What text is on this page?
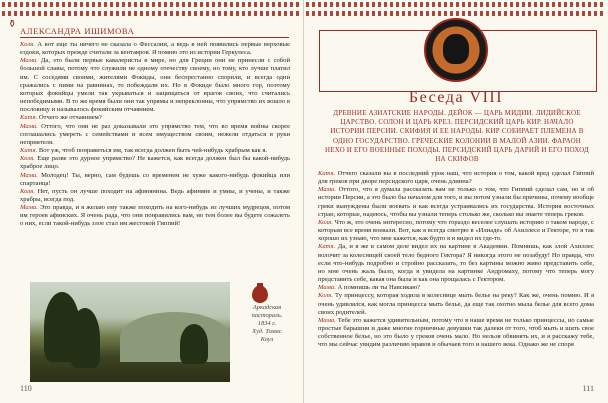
⚱
АЛЕКСАНДРА ИШИМОВА

Коля. А вот еще ты ничего не сказала о Фессалии, а ведь в ней появились первые верховые ездоки, которых прежде считали за кентавров. Я помню это из истории Геркулеса.

Мама. Да, это были первые кавалеристы в мире, но для Греции они не принесли с собой большой славы, потому что служили не одному отечеству своему, но тому, кто лучше платил им. С соседями своими, жителями Фокиды, они беспрестанно спорили, и всегда одни сражались с ними на равнинах, то побеждали их. Но в Фокиде было много гор, поэтому которых фокийцы умели так укрываться и защищаться от врагов своих, что считались непобедимыми. В то же время были они так упрямы и непреклонны, что упрямство их вошло в пословицу и называлось фокийским отчаянием.

Катя. Отчего же отчаянием?

Мама. Оттого, что они не раз доказывали это упрямство тем, что во время войны скорее соглашались умереть с семействами и всем имуществом своим, нежели отдаться в руки неприятеля.

Катя. Вот уж, чтоб понравиться им, так всегда должен быть чей-нибудь храбрым как я.

Коля. Еще разве это дурное упрямство? Не кажется, как всегда должен был бы какой-нибудь храброе лицо.

Мама. Молодец! Ты, верно, сам будешь со временем не хуже какого-нибудь фокийца или спартанца!

Коля. Нет, пусть он лучше походит на афинянина. Ведь афиняне и умны, и учены, и также храбры, всегда под.

Мама. Это правда, и я желаю ему также походить на кого-нибудь из лучших мудрецов, потом им героев афинских. Я очень рада, что они понравились вам, но тем более вы будете сожалеть о них, если такой-нибудь злое стал им жестокой Гиппий!

Аркадская
пастораль.
1834 г.
Худ. Томас
Коул
110
Беседа VIII
ДРЕВНИЕ АЗИАТСКИЕ НАРОДЫ. ДЕЙОК — ЦАРЬ МИДИИ. ЛИДИЙСКОЕ ЦАРСТВО. СОЛОН И ЦАРЬ КРЕЗ. ПЕРСИДСКИЙ ЦАРЬ КИР. НАЧАЛО ИСТОРИИ ПЕРСИИ. СКИФИЯ И ЕЕ НАРОДЫ. КИР СОБИРАЕТ ПЛЕМЕНА В ОДНО ГОСУДАРСТВО. ГРЕЧЕСКИЕ КОЛОНИИ В МАЛОЙ АЗИИ. ФАРАОН НЕХО И ЕГО ВОЕННЫЕ ПОХОДЫ. ПЕРСИДСКИЙ ЦАРЬ ДАРИЙ И ЕГО ПОХОД НА СКИФОВ

Катя. Отчего сказали вы в последний урок наш, что история о том, какой вред сделал Гиппий для греков при дворе персидского царя, очень длинна?

Мама. Оттого, что я думала рассказать вам не только о том, что Гиппий сделал сам, но и об истории Персии, а это было бы началом для того, и вы потом узнали бы причины, почему вообще греки вынуждены были воевать и как всегда устраивались их государства. История восточных стран, которые, надеюсь, чтобы вы узнали теперь столько же, сколько вы знаете теперь греков.

Коля. Что ж, это очень интересно, потому что гораздо веселее слушать историю о таком народе, с которым все время воевали. Вот, как я всегда смотрю в «Илиаде» об Ахиллесе и Гекторе, то я так хорошо их узнаю, что мне кажется, как будто я и видел их где-то.

Катя. Да, и я же в самом деле видел их на картине в Академии. Помнишь, как злой Ахиллес волочит за колесницей своей тело бедного Гектора? Я никогда этого не позабуду! Но правда, что если что-нибудь подробно и стройно рассказать, то без картины можно живо представить себе, но мне очень жаль было, когда я увидела на картинке Андромаху, потому что теперь могу представить себе, какая она была и как она прощалась с Гектором.

Мама. А помнишь ли ты Навсикаю?

Коля. Ту принцессу, которая ходила в колеснице мыть белье на реку? Как же, очень помню. И я очень удивлялся, как могла принцесса мыть белье, да еще так охотно мыла белье для всего дома своих родителей.

Мама. Тебе это кажется удивительным, потому что в наше время не только принцессы, но самые простые барышни и даже многие горничные девушки так далеки от того, чтоб мыть и шить свое собственное белье, но это было у греков очень мало. Но нельзя обвинять их, и я расскажу тебе, что мы сейчас увидим различию нравов и обычаев того и нашего века. Однако же не споря

111
